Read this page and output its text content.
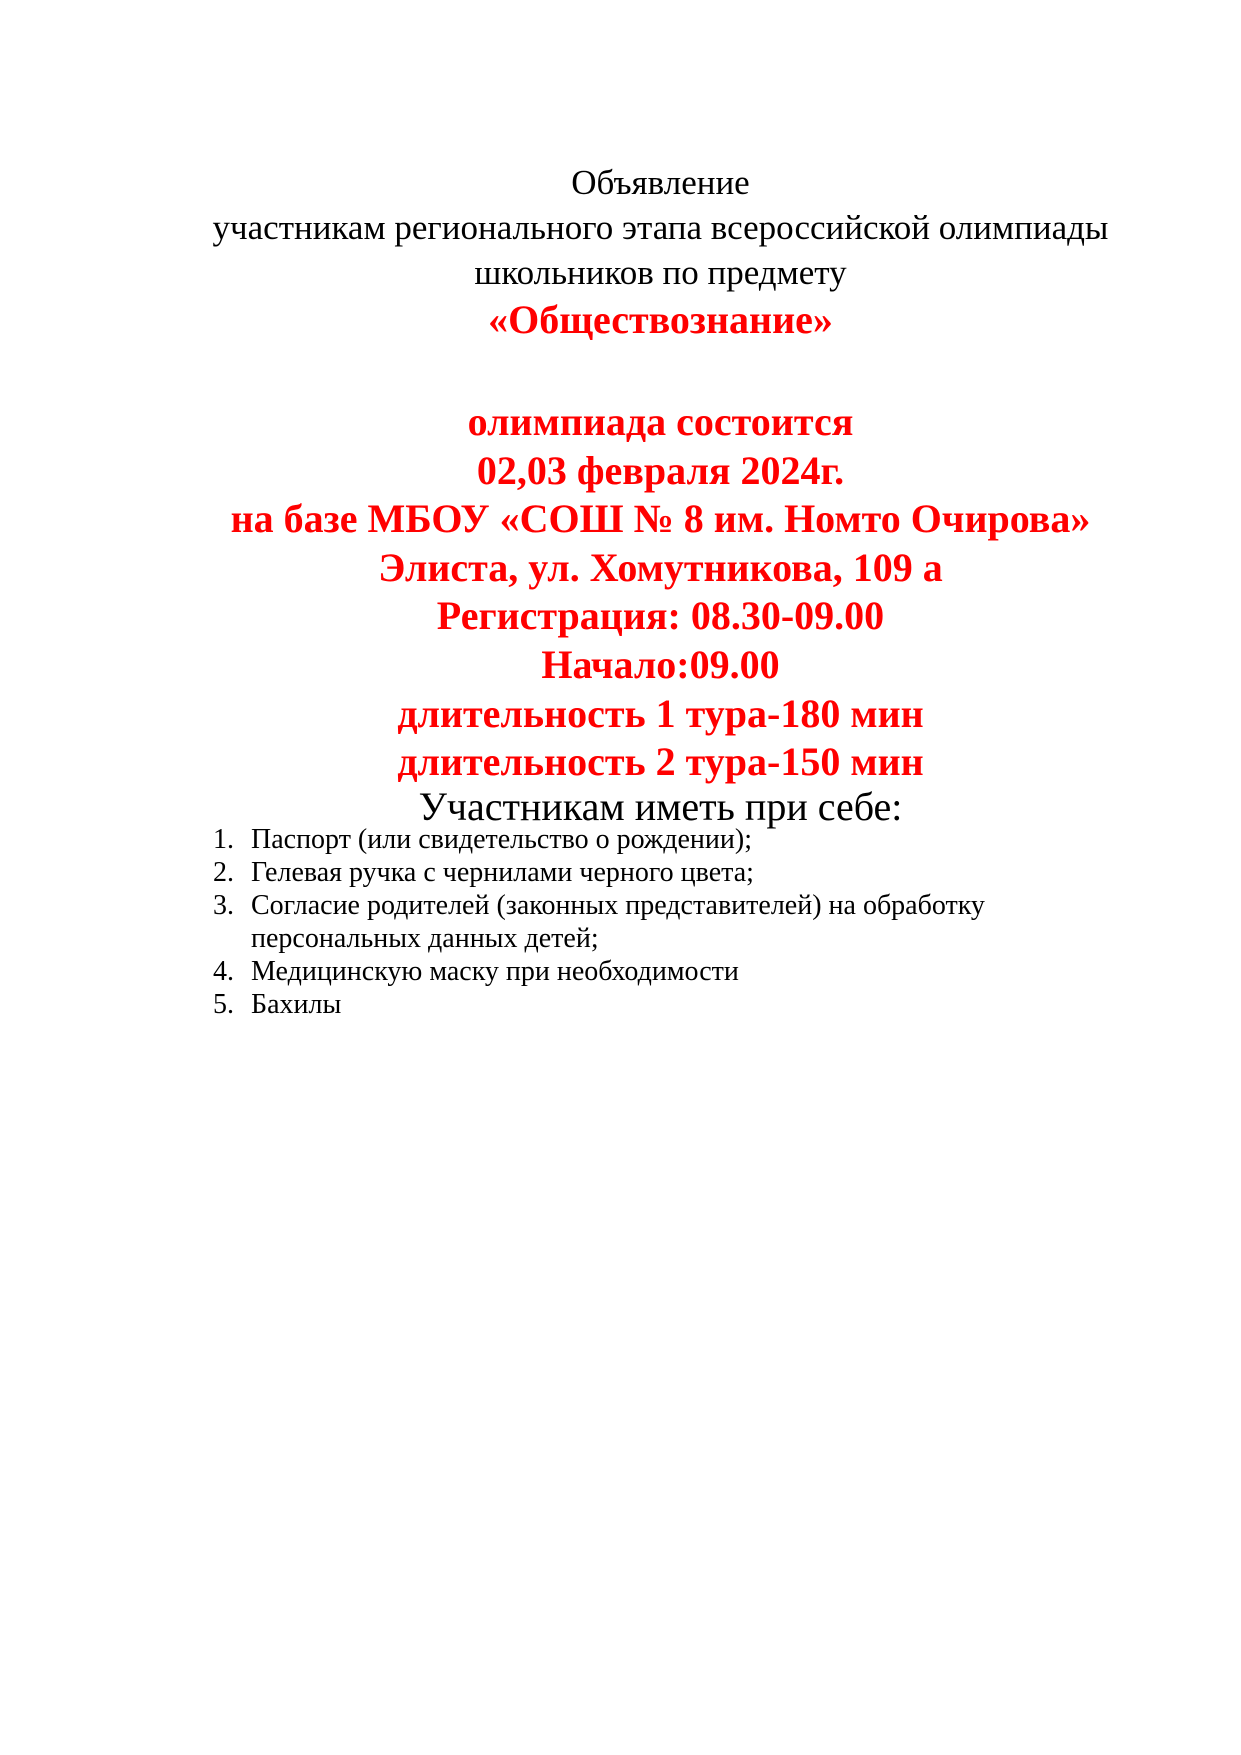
Объявление
участникам регионального этапа всероссийской олимпиады
школьников по предмету
«Обществознание»
олимпиада состоится
02,03 февраля 2024г.
на базе МБОУ «СОШ № 8 им. Номто Очирова»
Элиста, ул. Хомутникова, 109 а
Регистрация: 08.30-09.00
Начало:09.00
длительность 1 тура-180 мин
длительность 2 тура-150 мин
Участникам иметь при себе:
1. Паспорт (или свидетельство о рождении);
2. Гелевая ручка с чернилами черного цвета;
3. Согласие родителей (законных представителей) на обработку персональных данных детей;
4. Медицинскую маску при необходимости
5. Бахилы
